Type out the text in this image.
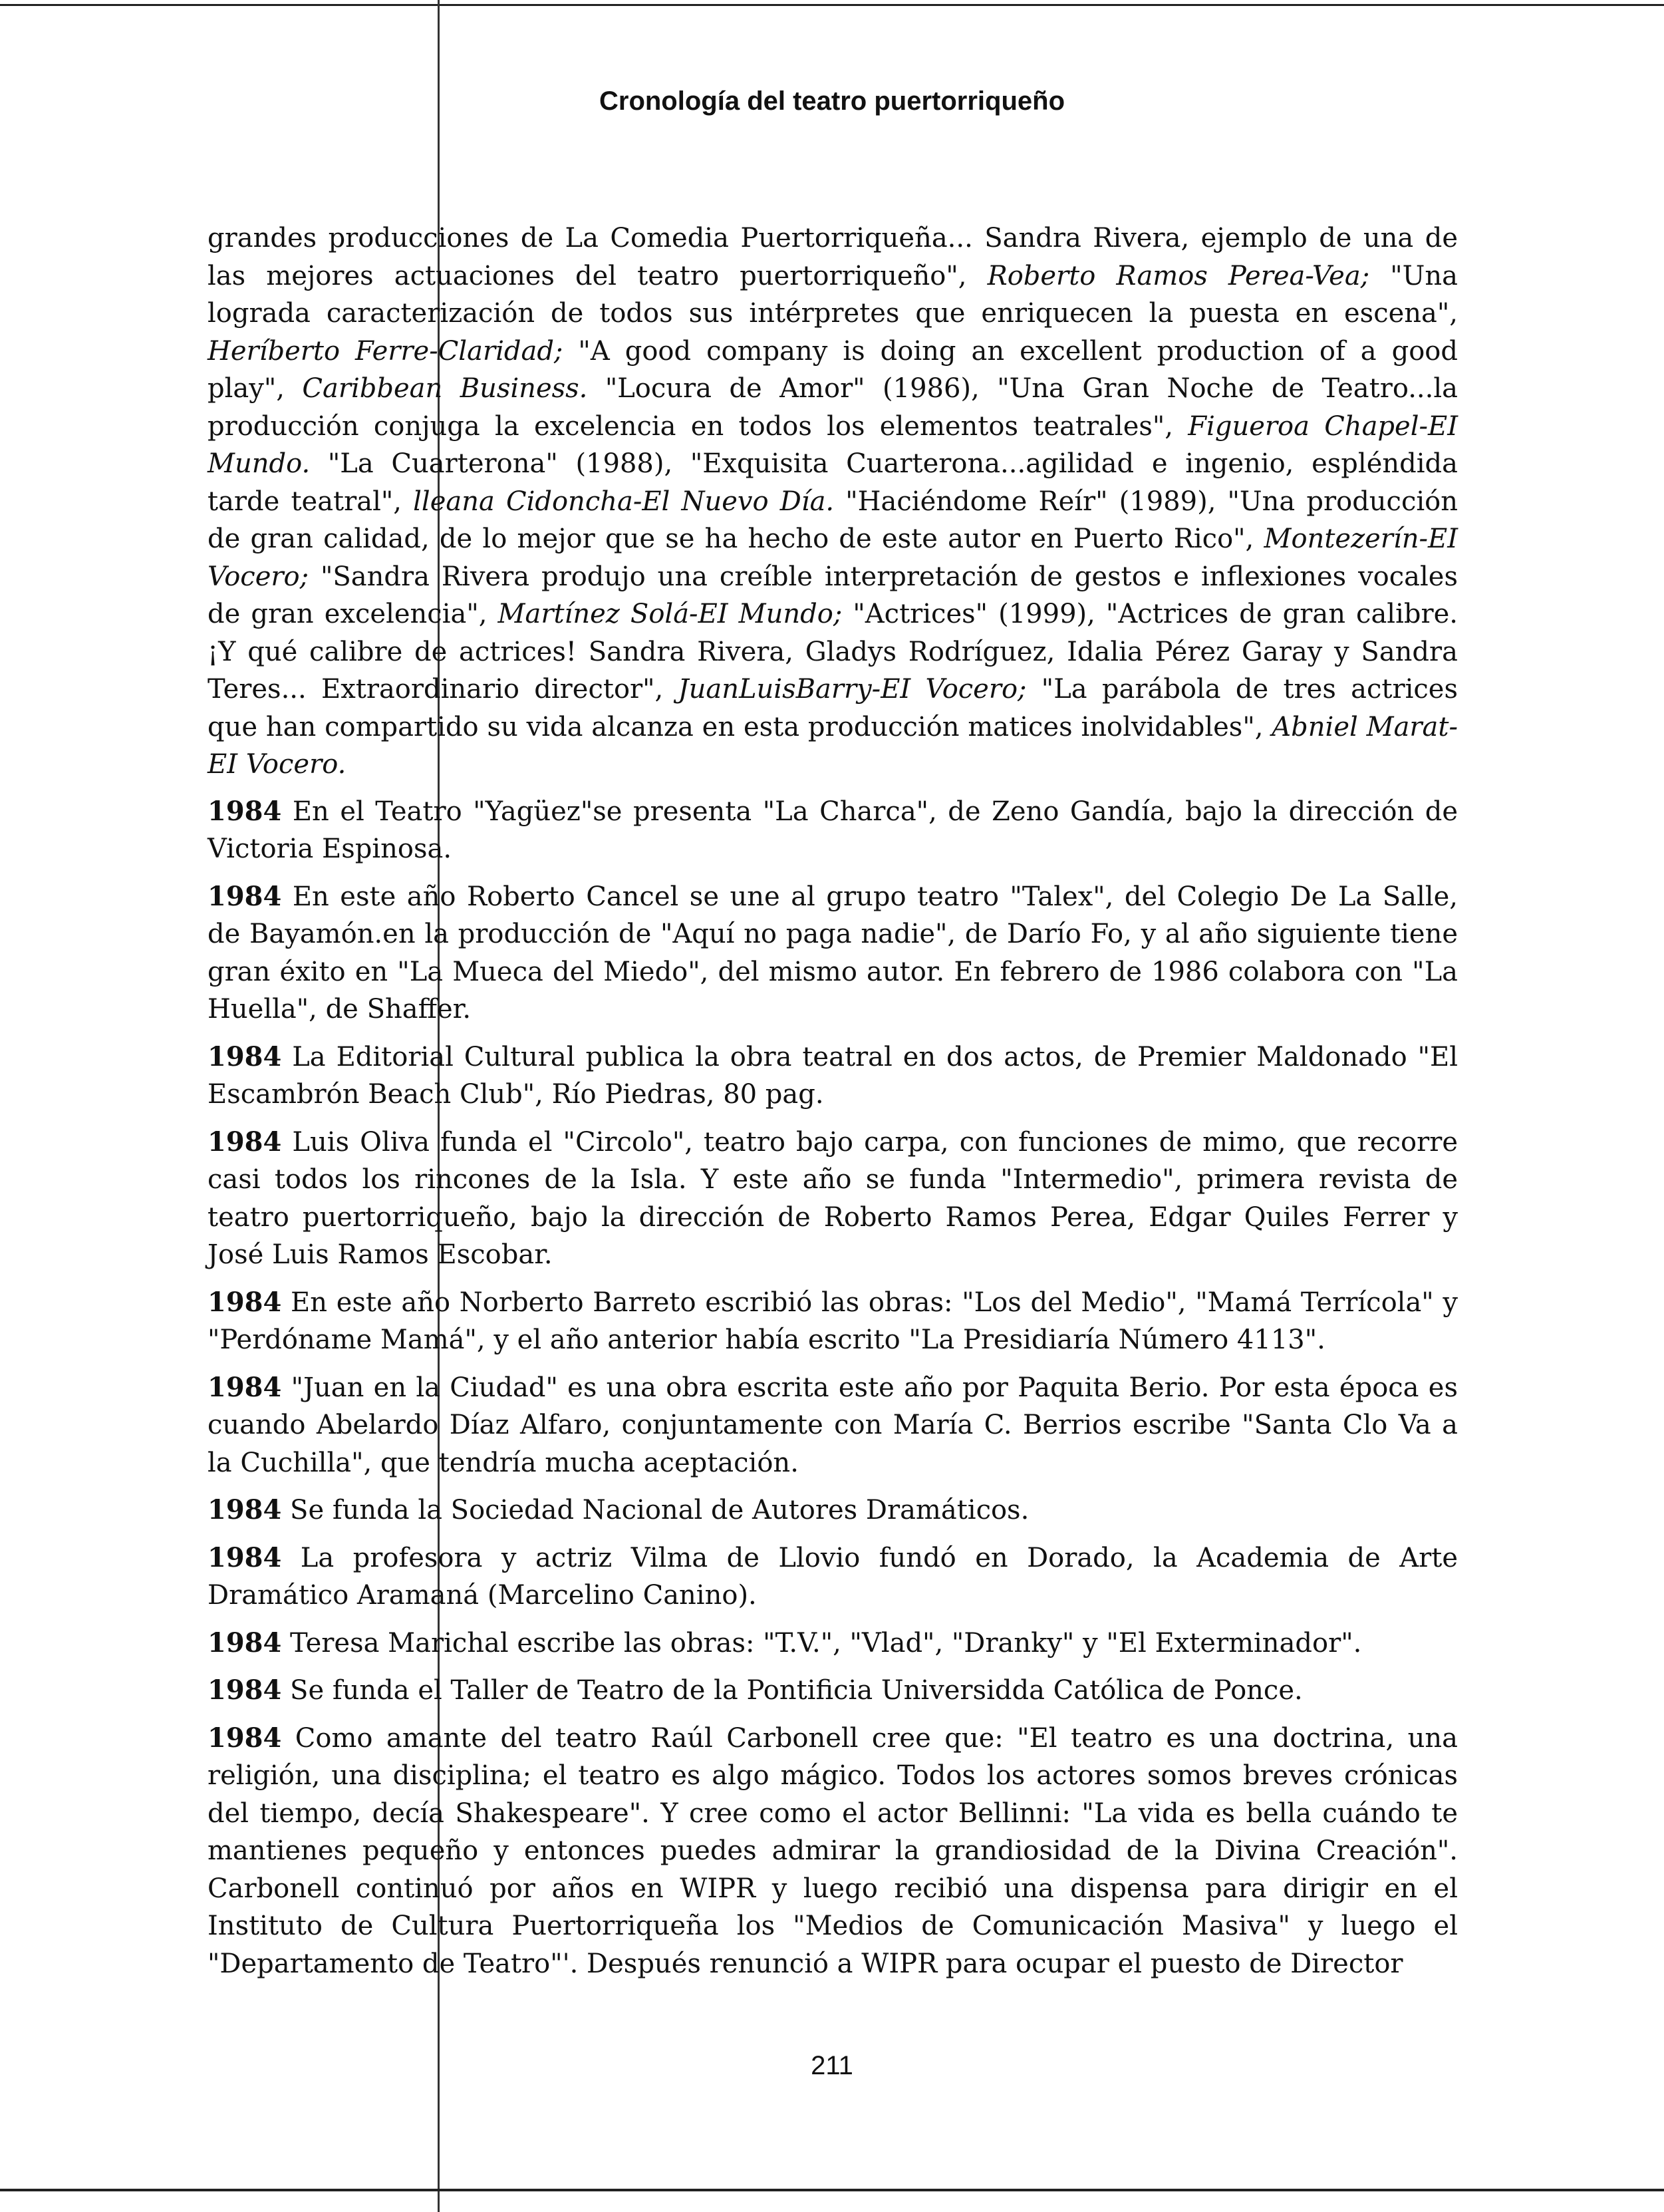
Cronología del teatro puertorriqueño

grandes producciones de La Comedia Puertorriqueña... Sandra Rivera, ejemplo de una de las mejores actuaciones del teatro puertorriqueño", Roberto Ramos Perea-Vea; "Una lograda caracterización de todos sus intérpretes que enriquecen la puesta en escena", Heríberto Ferre-Claridad; "A good company is doing an excellent production of a good play", Caribbean Business. "Locura de Amor" (1986), "Una Gran Noche de Teatro...la producción conjuga la excelencia en todos los elementos teatrales", Figueroa Chapel-EI Mundo. "La Cuarterona" (1988), "Exquisita Cuarterona...agilidad e ingenio, espléndida tarde teatral", lleana Cidoncha-El Nuevo Día. "Haciéndome Reír" (1989), "Una producción de gran calidad, de lo mejor que se ha hecho de este autor en Puerto Rico", Montezerín-EI Vocero; "Sandra Rivera produjo una creíble interpretación de gestos e inflexiones vocales de gran excelencia", Martínez Solá-EI Mundo; "Actrices" (1999), "Actrices de gran calibre. ¡Y qué calibre de actrices! Sandra Rivera, Gladys Rodríguez, Idalia Pérez Garay y Sandra Teres... Extraordinario director", JuanLuisBarry-EI Vocero; "La parábola de tres actrices que han compartido su vida alcanza en esta producción matices inolvidables", Abniel Marat-EI Vocero.

1984 En el Teatro "Yagüez"se presenta "La Charca", de Zeno Gandía, bajo la dirección de Victoria Espinosa.

1984 En este año Roberto Cancel se une al grupo teatro "Talex", del Colegio De La Salle, de Bayamón.en la producción de "Aquí no paga nadie", de Darío Fo, y al año siguiente tiene gran éxito en "La Mueca del Miedo", del mismo autor. En febrero de 1986 colabora con "La Huella", de Shaffer.

1984 La Editorial Cultural publica la obra teatral en dos actos, de Premier Maldonado "El Escambrón Beach Club", Río Piedras, 80 pag.

1984 Luis Oliva funda el "Circolo", teatro bajo carpa, con funciones de mimo, que recorre casi todos los rincones de la Isla. Y este año se funda "Intermedio", primera revista de teatro puertorriqueño, bajo la dirección de Roberto Ramos Perea, Edgar Quiles Ferrer y José Luis Ramos Escobar.

1984 En este año Norberto Barreto escribió las obras: "Los del Medio", "Mamá Terrícola" y "Perdóname Mamá", y el año anterior había escrito "La Presidiaría Número 4113".

1984 "Juan en la Ciudad" es una obra escrita este año por Paquita Berio. Por esta época es cuando Abelardo Díaz Alfaro, conjuntamente con María C. Berrios escribe "Santa Clo Va a la Cuchilla", que tendría mucha aceptación.

1984 Se funda la Sociedad Nacional de Autores Dramáticos.

1984 La profesora y actriz Vilma de Llovio fundó en Dorado, la Academia de Arte Dramático Aramaná (Marcelino Canino).

1984 Teresa Marichal escribe las obras: "T.V.", "Vlad", "Dranky" y "El Exterminador".

1984 Se funda el Taller de Teatro de la Pontificia Universidda Católica de Ponce.

1984 Como amante del teatro Raúl Carbonell cree que: "El teatro es una doctrina, una religión, una disciplina; el teatro es algo mágico. Todos los actores somos breves crónicas del tiempo, decía Shakespeare". Y cree como el actor Bellinni: "La vida es bella cuándo te mantienes pequeño y entonces puedes admirar la grandiosidad de la Divina Creación". Carbonell continuó por años en WIPR y luego recibió una dispensa para dirigir en el Instituto de Cultura Puertorriqueña los "Medios de Comunicación Masiva" y luego el "Departamento de Teatro"'. Después renunció a WIPR para ocupar el puesto de Director

211
